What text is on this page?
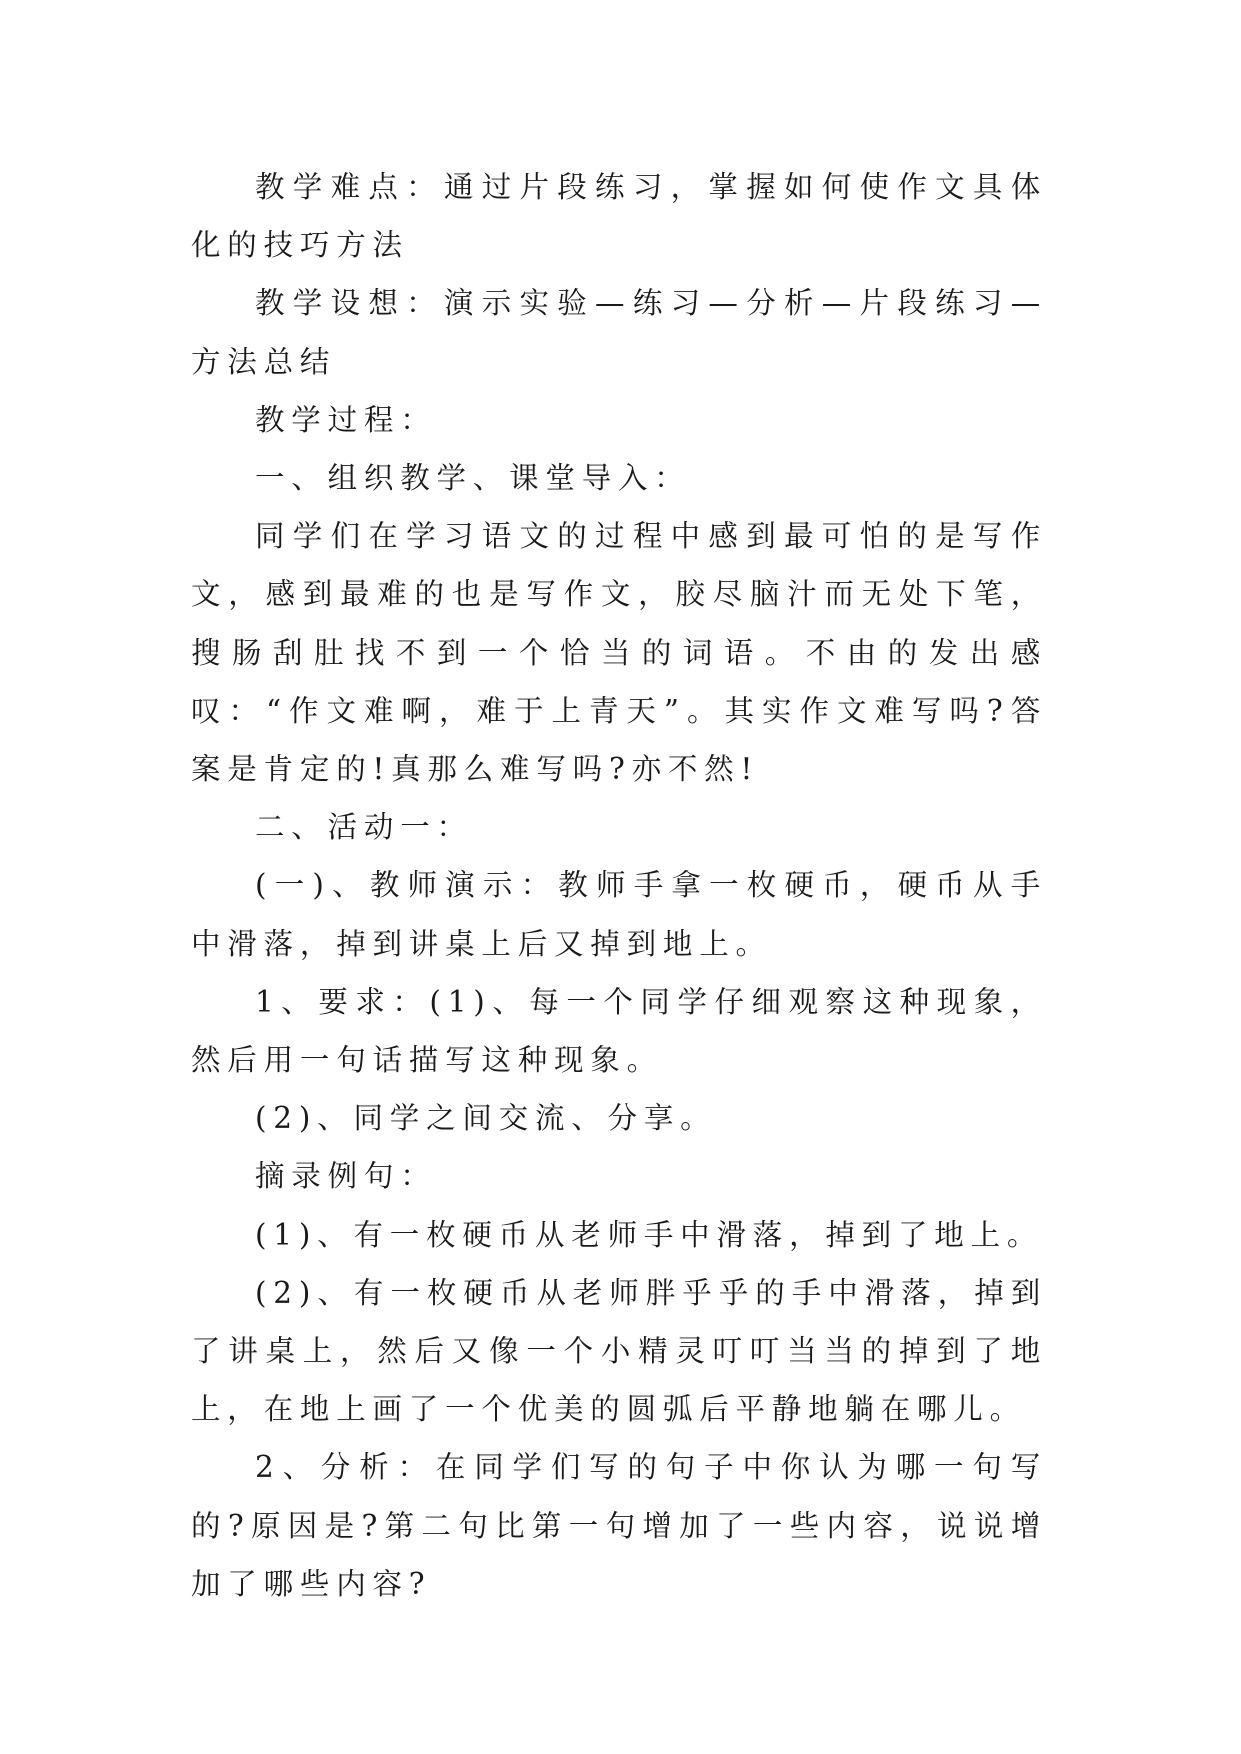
教学难点：通过片段练习，掌握如何使作文具体化的技巧方法

教学设想：演示实验—练习—分析—片段练习—方法总结

教学过程：

一、组织教学、课堂导入：

同学们在学习语文的过程中感到最可怕的是写作文，感到最难的也是写作文，胶尽脑汁而无处下笔，搜肠刮肚找不到一个恰当的词语。不由的发出感叹：“作文难啊，难于上青天”。其实作文难写吗?答案是肯定的!真那么难写吗?亦不然!

二、活动一：

(一)、教师演示：教师手拿一枚硬币，硬币从手中滑落，掉到讲桌上后又掉到地上。

1、要求：(1)、每一个同学仔细观察这种现象，然后用一句话描写这种现象。

(2)、同学之间交流、分享。

摘录例句：

(1)、有一枚硬币从老师手中滑落，掉到了地上。

(2)、有一枚硬币从老师胖乎乎的手中滑落，掉到了讲桌上，然后又像一个小精灵叮叮当当的掉到了地上，在地上画了一个优美的圆弧后平静地躺在哪儿。

2、分析：在同学们写的句子中你认为哪一句写的?原因是?第二句比第一句增加了一些内容，说说增加了哪些内容?
